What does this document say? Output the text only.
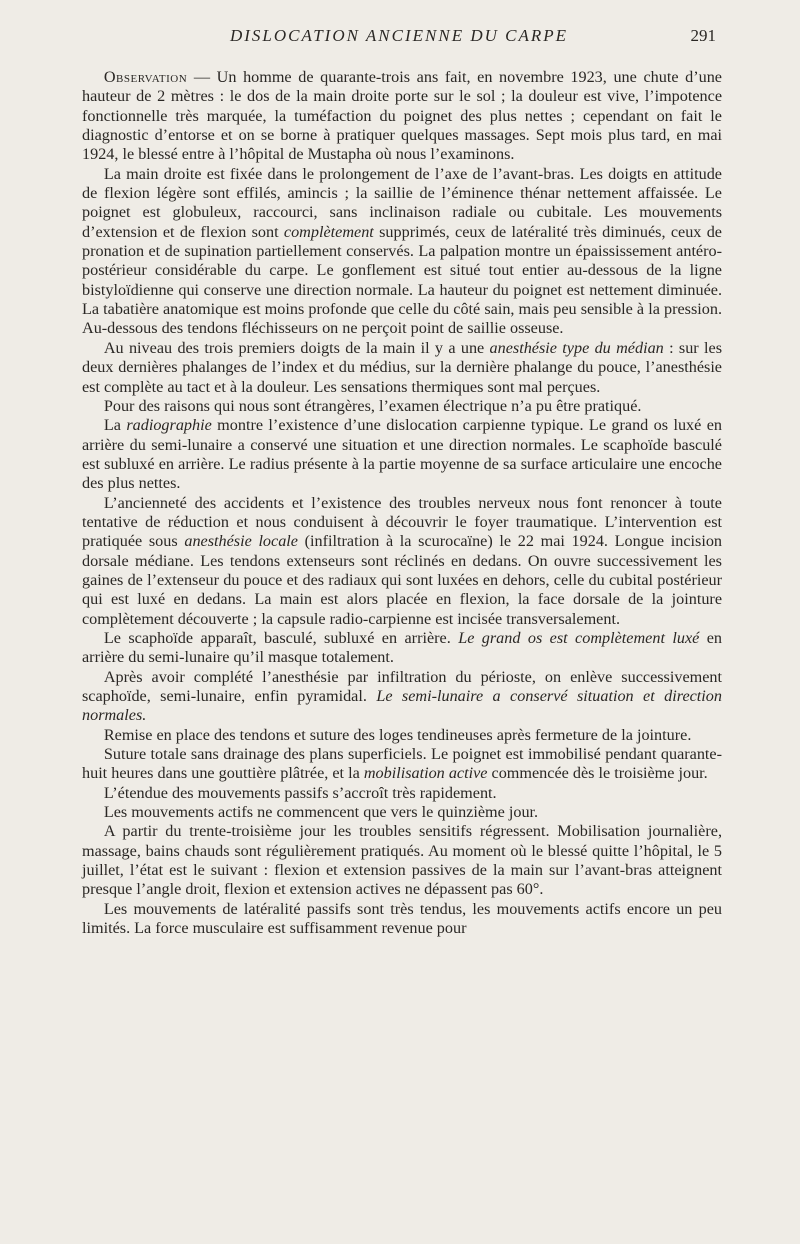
DISLOCATION ANCIENNE DU CARPE	291

Observation — Un homme de quarante-trois ans fait, en novembre 1923, une chute d’une hauteur de 2 mètres : le dos de la main droite porte sur le sol ; la douleur est vive, l’impotence fonctionnelle très marquée, la tuméfaction du poignet des plus nettes ; cependant on fait le diagnostic d’entorse et on se borne à pratiquer quelques massages. Sept mois plus tard, en mai 1924, le blessé entre à l’hôpital de Mustapha où nous l’examinons.

La main droite est fixée dans le prolongement de l’axe de l’avant-bras. Les doigts en attitude de flexion légère sont effilés, amincis ; la saillie de l’éminence thénar nettement affaissée. Le poignet est globuleux, raccourci, sans inclinaison radiale ou cubitale. Les mouvements d’extension et de flexion sont complètement supprimés, ceux de latéralité très diminués, ceux de pronation et de supination partiellement conservés. La palpation montre un épaississement antéro-postérieur considérable du carpe. Le gonflement est situé tout entier au-dessous de la ligne bistyloïdienne qui conserve une direction normale. La hauteur du poignet est nettement diminuée. La tabatière anatomique est moins profonde que celle du côté sain, mais peu sensible à la pression. Au-dessous des tendons fléchisseurs on ne perçoit point de saillie osseuse.

Au niveau des trois premiers doigts de la main il y a une anesthésie type du médian : sur les deux dernières phalanges de l’index et du médius, sur la dernière phalange du pouce, l’anesthésie est complète au tact et à la douleur. Les sensations thermiques sont mal perçues.

Pour des raisons qui nous sont étrangères, l’examen électrique n’a pu être pratiqué.

La radiographie montre l’existence d’une dislocation carpienne typique. Le grand os luxé en arrière du semi-lunaire a conservé une situation et une direction normales. Le scaphoïde basculé est subluxé en arrière. Le radius présente à la partie moyenne de sa surface articulaire une encoche des plus nettes.

L’ancienneté des accidents et l’existence des troubles nerveux nous font renoncer à toute tentative de réduction et nous conduisent à découvrir le foyer traumatique. L’intervention est pratiquée sous anesthésie locale (infiltration à la scurocaïne) le 22 mai 1924. Longue incision dorsale médiane. Les tendons extenseurs sont réclinés en dedans. On ouvre successivement les gaines de l’extenseur du pouce et des radiaux qui sont luxées en dehors, celle du cubital postérieur qui est luxé en dedans. La main est alors placée en flexion, la face dorsale de la jointure complètement découverte ; la capsule radio-carpienne est incisée transversalement.

Le scaphoïde apparaît, basculé, subluxé en arrière. Le grand os est complètement luxé en arrière du semi-lunaire qu’il masque totalement.

Après avoir complété l’anesthésie par infiltration du périoste, on enlève successivement scaphoïde, semi-lunaire, enfin pyramidal. Le semi-lunaire a conservé situation et direction normales.

Remise en place des tendons et suture des loges tendineuses après fermeture de la jointure.

Suture totale sans drainage des plans superficiels. Le poignet est immobilisé pendant quarante-huit heures dans une gouttière plâtrée, et la mobilisation active commencée dès le troisième jour.

L’étendue des mouvements passifs s’accroît très rapidement.

Les mouvements actifs ne commencent que vers le quinzième jour.

A partir du trente-troisième jour les troubles sensitifs régressent. Mobilisation journalière, massage, bains chauds sont régulièrement pratiqués. Au moment où le blessé quitte l’hôpital, le 5 juillet, l’état est le suivant : flexion et extension passives de la main sur l’avant-bras atteignent presque l’angle droit, flexion et extension actives ne dépassent pas 60°.

Les mouvements de latéralité passifs sont très tendus, les mouvements actifs encore un peu limités. La force musculaire est suffisamment revenue pour
